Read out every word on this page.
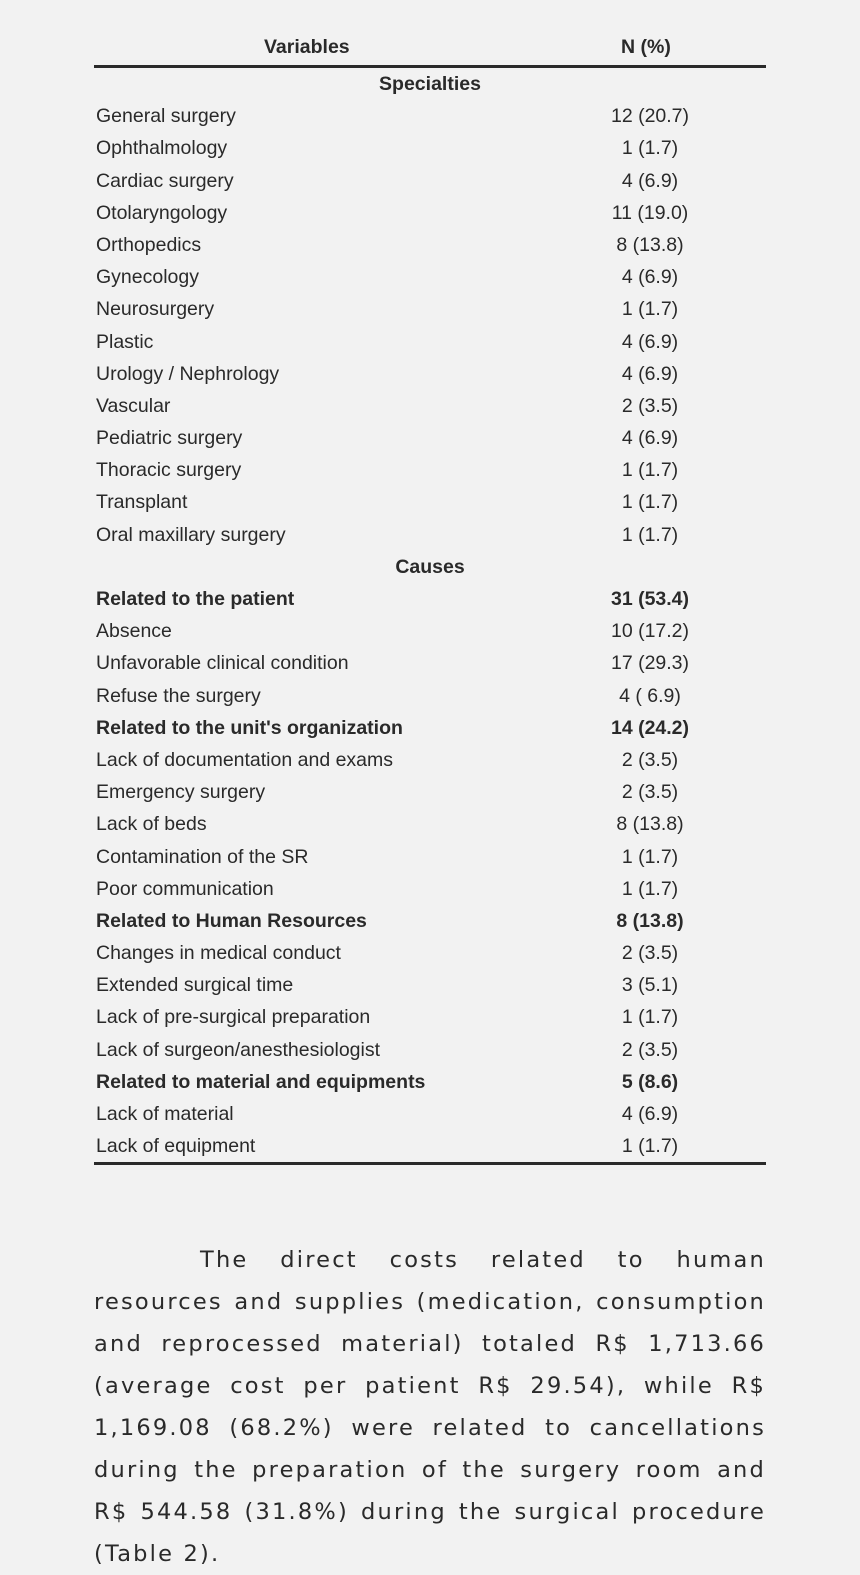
Variables	N (%)
Specialties
General surgery	12 (20.7)
Ophthalmology	1 (1.7)
Cardiac surgery	4 (6.9)
Otolaryngology	11 (19.0)
Orthopedics	8 (13.8)
Gynecology	4 (6.9)
Neurosurgery	1 (1.7)
Plastic	4 (6.9)
Urology / Nephrology	4 (6.9)
Vascular	2 (3.5)
Pediatric surgery	4 (6.9)
Thoracic surgery	1 (1.7)
Transplant	1 (1.7)
Oral maxillary surgery	1 (1.7)
Causes
Related to the patient	31 (53.4)
Absence	10 (17.2)
Unfavorable clinical condition	17 (29.3)
Refuse the surgery	4 ( 6.9)
Related to the unit's organization	14 (24.2)
Lack of documentation and exams	2 (3.5)
Emergency surgery	2 (3.5)
Lack of beds	8 (13.8)
Contamination of the SR	1 (1.7)
Poor communication	1 (1.7)
Related to Human Resources	8 (13.8)
Changes in medical conduct	2 (3.5)
Extended surgical time	3 (5.1)
Lack of pre-surgical preparation	1 (1.7)
Lack of surgeon/anesthesiologist	2 (3.5)
Related to material and equipments	5 (8.6)
Lack of material	4 (6.9)
Lack of equipment	1 (1.7)

The direct costs related to human resources and supplies (medication, consumption and reprocessed material) totaled R$ 1,713.66 (average cost per patient R$ 29.54), while R$ 1,169.08 (68.2%) were related to cancellations during the preparation of the surgery room and R$ 544.58 (31.8%) during the surgical procedure (Table 2).
